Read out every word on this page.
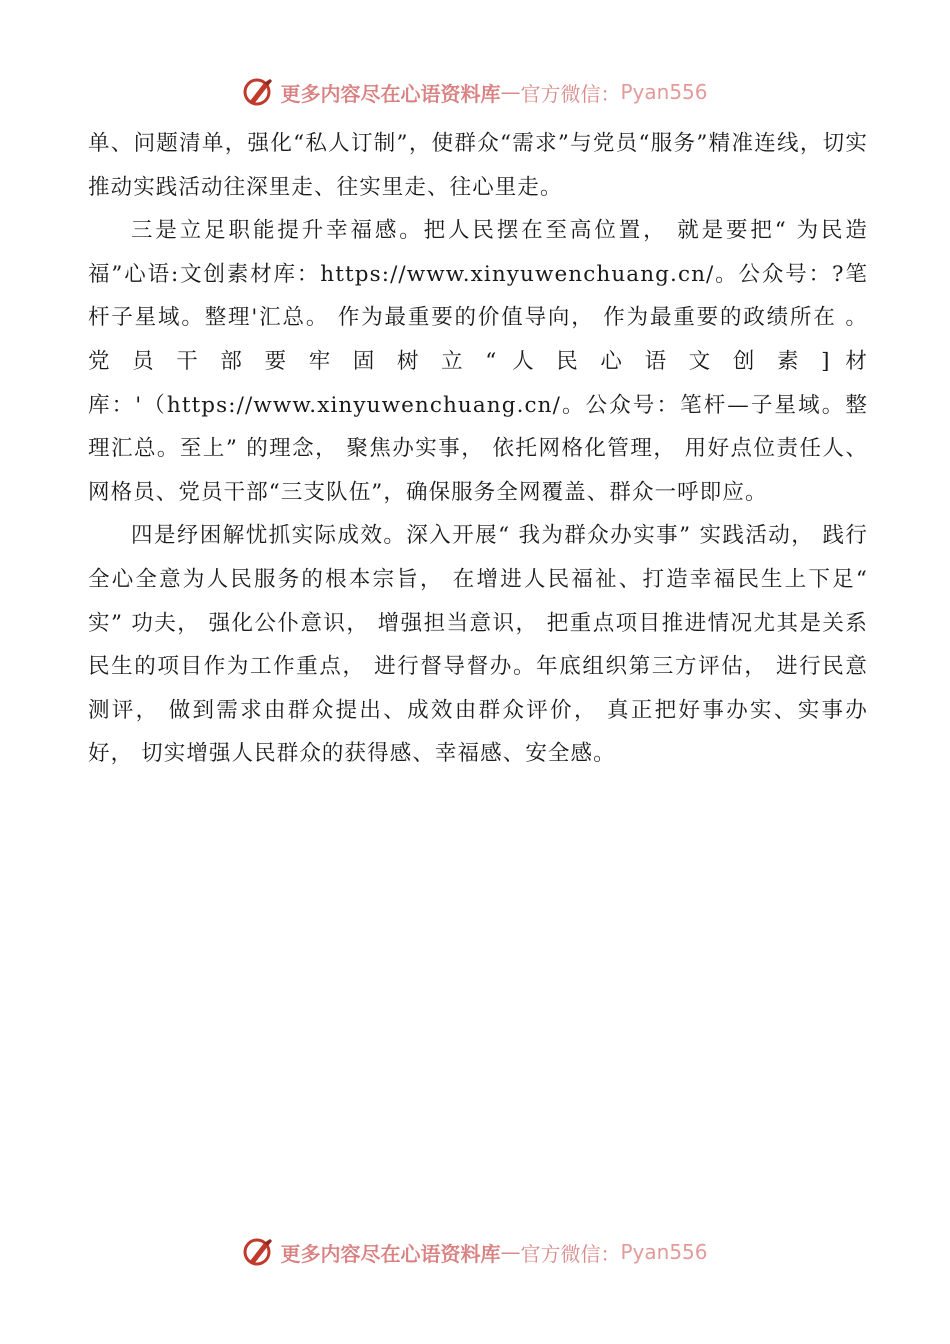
更多内容尽在心语资料库 — 官方微信： Pyan556

单、问题清单，强化“私人订制”，使群众“需求”与党员“服务”精准连线，切实推动实践活动往深里走、往实里走、往心里走。

三是立足职能提升幸福感。把人民摆在至高位置， 就是要把“ 为民造福”心语:文创素材库：https://www.xinyuwenchuang.cn/。公众号：?笔杆子星域。整理'汇总。 作为最重要的价值导向， 作为最重要的政绩所在 。 党 员 干 部 要 牢 固 树 立 “ 人 民 心 语 文 创 素 ] 材库：'（https://www.xinyuwenchuang.cn/。公众号：笔杆—子星域。整理汇总。至上” 的理念， 聚焦办实事， 依托网格化管理， 用好点位责任人、网格员、党员干部“三支队伍”，确保服务全网覆盖、群众一呼即应。

四是纾困解忧抓实际成效。深入开展“ 我为群众办实事” 实践活动， 践行全心全意为人民服务的根本宗旨， 在增进人民福祉、打造幸福民生上下足“ 实” 功夫， 强化公仆意识， 增强担当意识， 把重点项目推进情况尤其是关系民生的项目作为工作重点， 进行督导督办。年底组织第三方评估， 进行民意测评， 做到需求由群众提出、成效由群众评价， 真正把好事办实、实事办好， 切实增强人民群众的获得感、幸福感、安全感。

更多内容尽在心语资料库 — 官方微信： Pyan556
